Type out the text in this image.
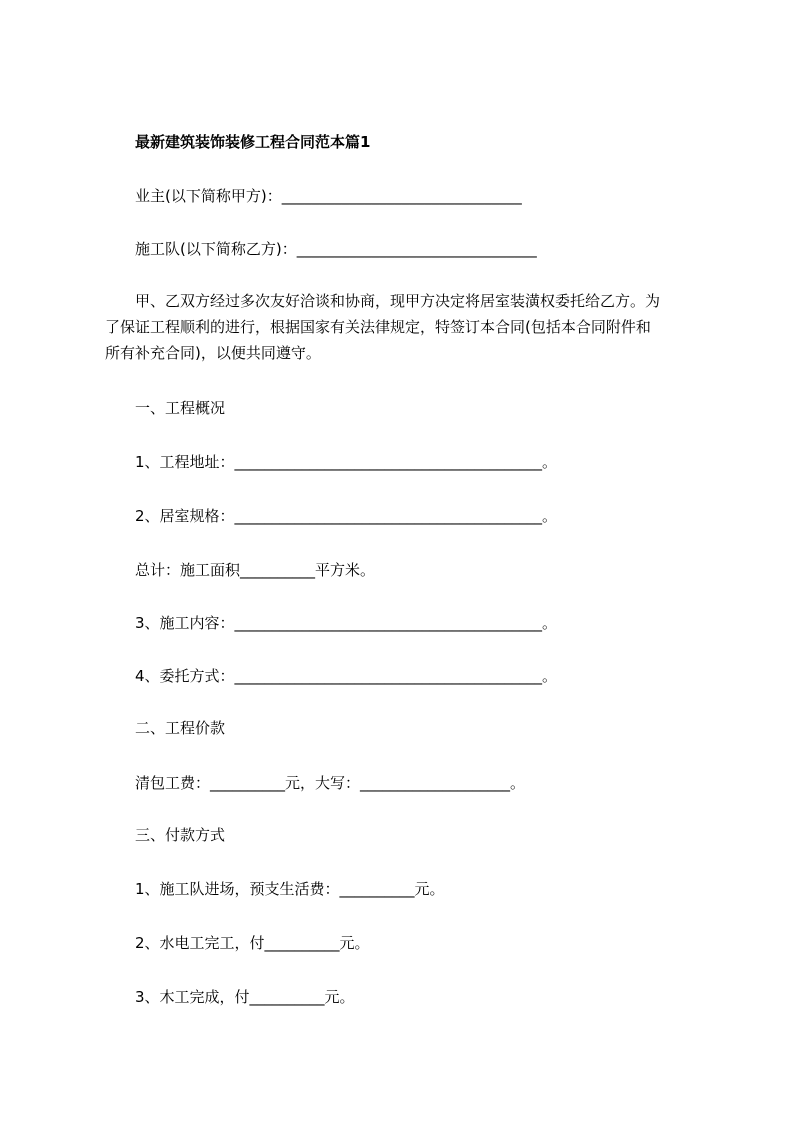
最新建筑装饰装修工程合同范本篇1
业主(以下简称甲方)：________________________________
施工队(以下简称乙方)：________________________________
甲、乙双方经过多次友好洽谈和协商，现甲方决定将居室装潢权委托给乙方。为
了保证工程顺利的进行，根据国家有关法律规定，特签订本合同(包括本合同附件和
所有补充合同)，以便共同遵守。
一、工程概况
1、工程地址：_________________________________________。
2、居室规格：_________________________________________。
总计：施工面积__________平方米。
3、施工内容：_________________________________________。
4、委托方式：_________________________________________。
二、工程价款
清包工费：__________元，大写：____________________。
三、付款方式
1、施工队进场，预支生活费：__________元。
2、水电工完工，付__________元。
3、木工完成，付__________元。
